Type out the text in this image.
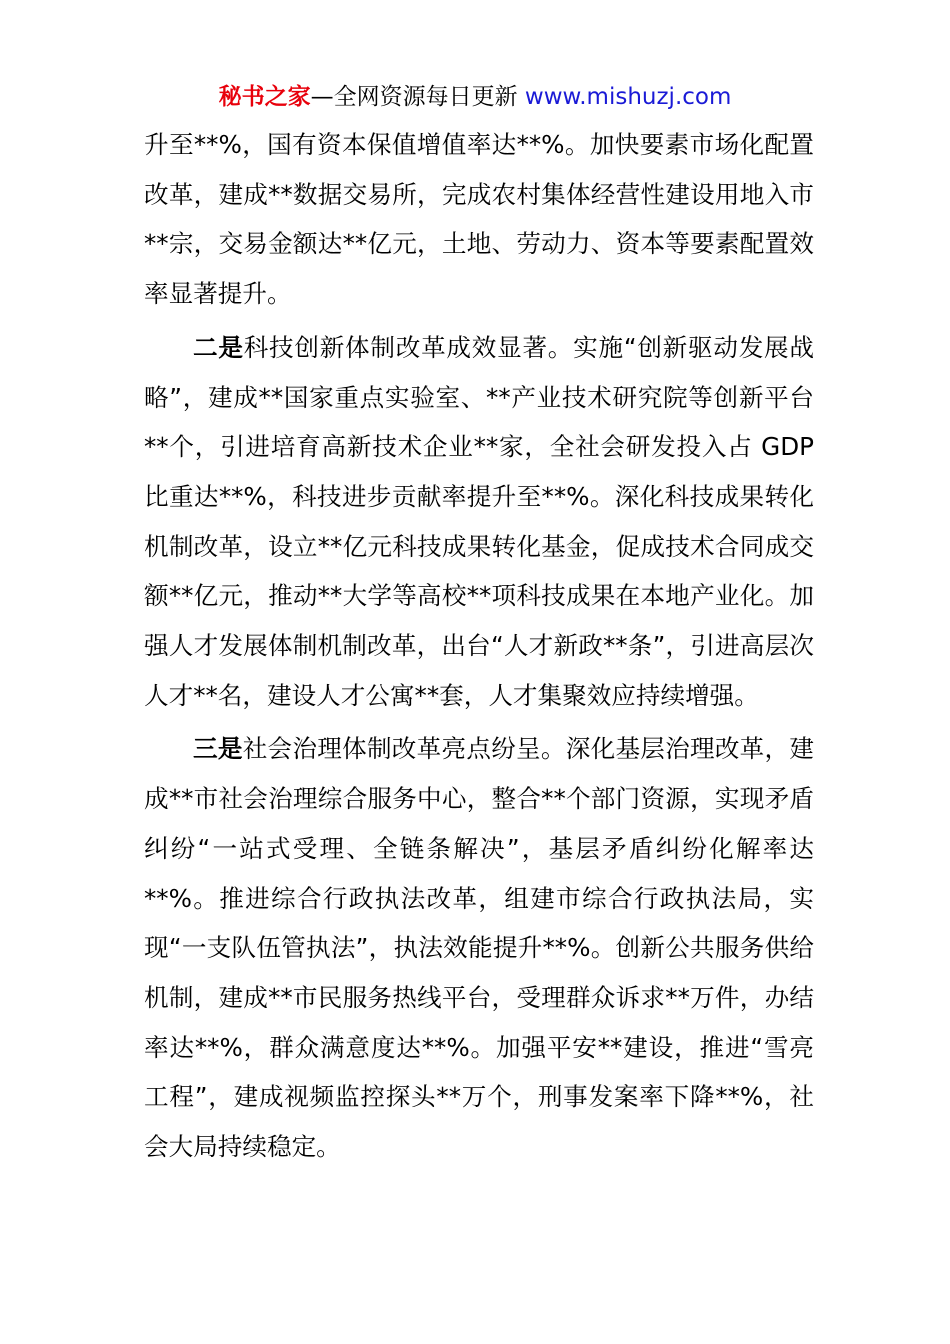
秘书之家—全网资源每日更新 www.mishuzj.com

升至**%，国有资本保值增值率达**%。加快要素市场化配置改革，建成**数据交易所，完成农村集体经营性建设用地入市**宗，交易金额达**亿元，土地、劳动力、资本等要素配置效率显著提升。

二是科技创新体制改革成效显著。实施“创新驱动发展战略”，建成**国家重点实验室、**产业技术研究院等创新平台**个，引进培育高新技术企业**家，全社会研发投入占 GDP 比重达**%，科技进步贡献率提升至**%。深化科技成果转化机制改革，设立**亿元科技成果转化基金，促成技术合同成交额**亿元，推动**大学等高校**项科技成果在本地产业化。加强人才发展体制机制改革，出台“人才新政**条”，引进高层次人才**名，建设人才公寓**套，人才集聚效应持续增强。

三是社会治理体制改革亮点纷呈。深化基层治理改革，建成**市社会治理综合服务中心，整合**个部门资源，实现矛盾纠纷“一站式受理、全链条解决”，基层矛盾纠纷化解率达**%。推进综合行政执法改革，组建市综合行政执法局，实现“一支队伍管执法”，执法效能提升**%。创新公共服务供给机制，建成**市民服务热线平台，受理群众诉求**万件，办结率达**%，群众满意度达**%。加强平安**建设，推进“雪亮工程”，建成视频监控探头**万个，刑事发案率下降**%，社会大局持续稳定。
